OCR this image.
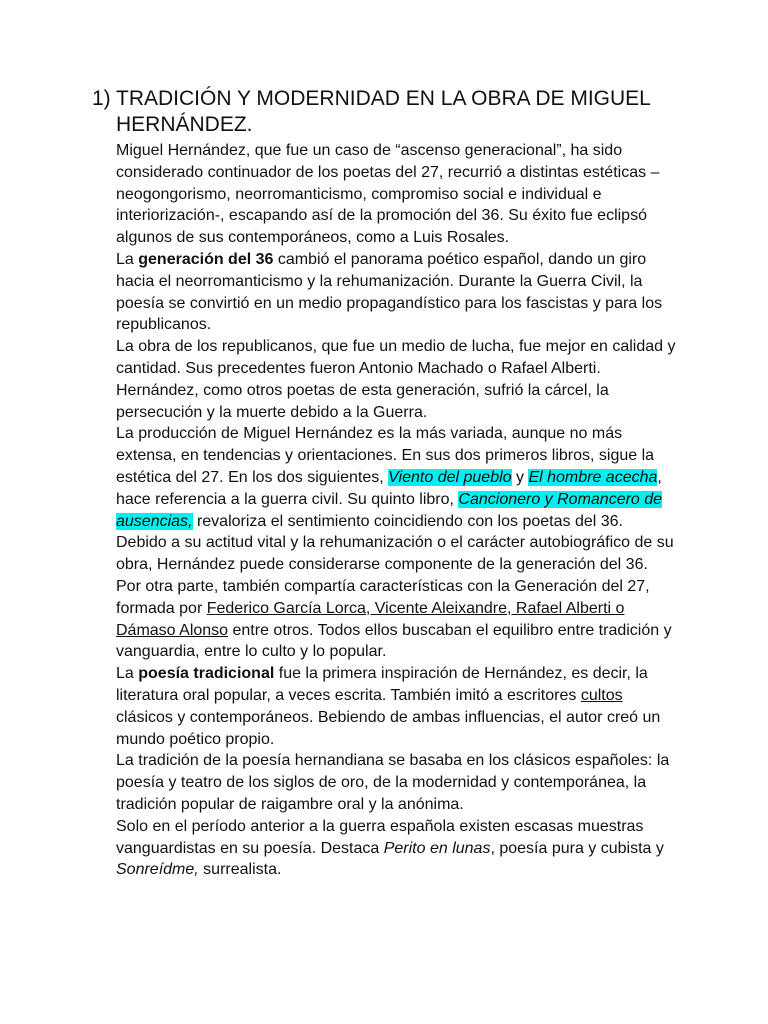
1) TRADICIÓN Y MODERNIDAD EN LA OBRA DE MIGUEL
HERNÁNDEZ.

Miguel Hernández, que fue un caso de “ascenso generacional”, ha sido considerado continuador de los poetas del 27, recurrió a distintas estéticas –neogongorismo, neorromanticismo, compromiso social e individual e interiorización-, escapando así de la promoción del 36. Su éxito fue eclipsó algunos de sus contemporáneos, como a Luis Rosales.

La generación del 36 cambió el panorama poético español, dando un giro hacia el neorromanticismo y la rehumanización. Durante la Guerra Civil, la poesía se convirtió en un medio propagandístico para los fascistas y para los republicanos.

La obra de los republicanos, que fue un medio de lucha, fue mejor en calidad y cantidad. Sus precedentes fueron Antonio Machado o Rafael Alberti. Hernández, como otros poetas de esta generación, sufrió la cárcel, la persecución y la muerte debido a la Guerra.

La producción de Miguel Hernández es la más variada, aunque no más extensa, en tendencias y orientaciones. En sus dos primeros libros, sigue la estética del 27. En los dos siguientes, Viento del pueblo y El hombre acecha, hace referencia a la guerra civil. Su quinto libro, Cancionero y Romancero de ausencias, revaloriza el sentimiento coincidiendo con los poetas del 36.

Debido a su actitud vital y la rehumanización o el carácter autobiográfico de su obra, Hernández puede considerarse componente de la generación del 36.

Por otra parte, también compartía características con la Generación del 27, formada por Federico García Lorca, Vicente Aleixandre, Rafael Alberti o Dámaso Alonso entre otros. Todos ellos buscaban el equilibro entre tradición y vanguardia, entre lo culto y lo popular.

La poesía tradicional fue la primera inspiración de Hernández, es decir, la literatura oral popular, a veces escrita. También imitó a escritores cultos clásicos y contemporáneos. Bebiendo de ambas influencias, el autor creó un mundo poético propio.

La tradición de la poesía hernandiana se basaba en los clásicos españoles: la poesía y teatro de los siglos de oro, de la modernidad y contemporánea, la tradición popular de raigambre oral y la anónima.

Solo en el período anterior a la guerra española existen escasas muestras vanguardistas en su poesía. Destaca Perito en lunas, poesía pura y cubista y Sonreídme, surrealista.
